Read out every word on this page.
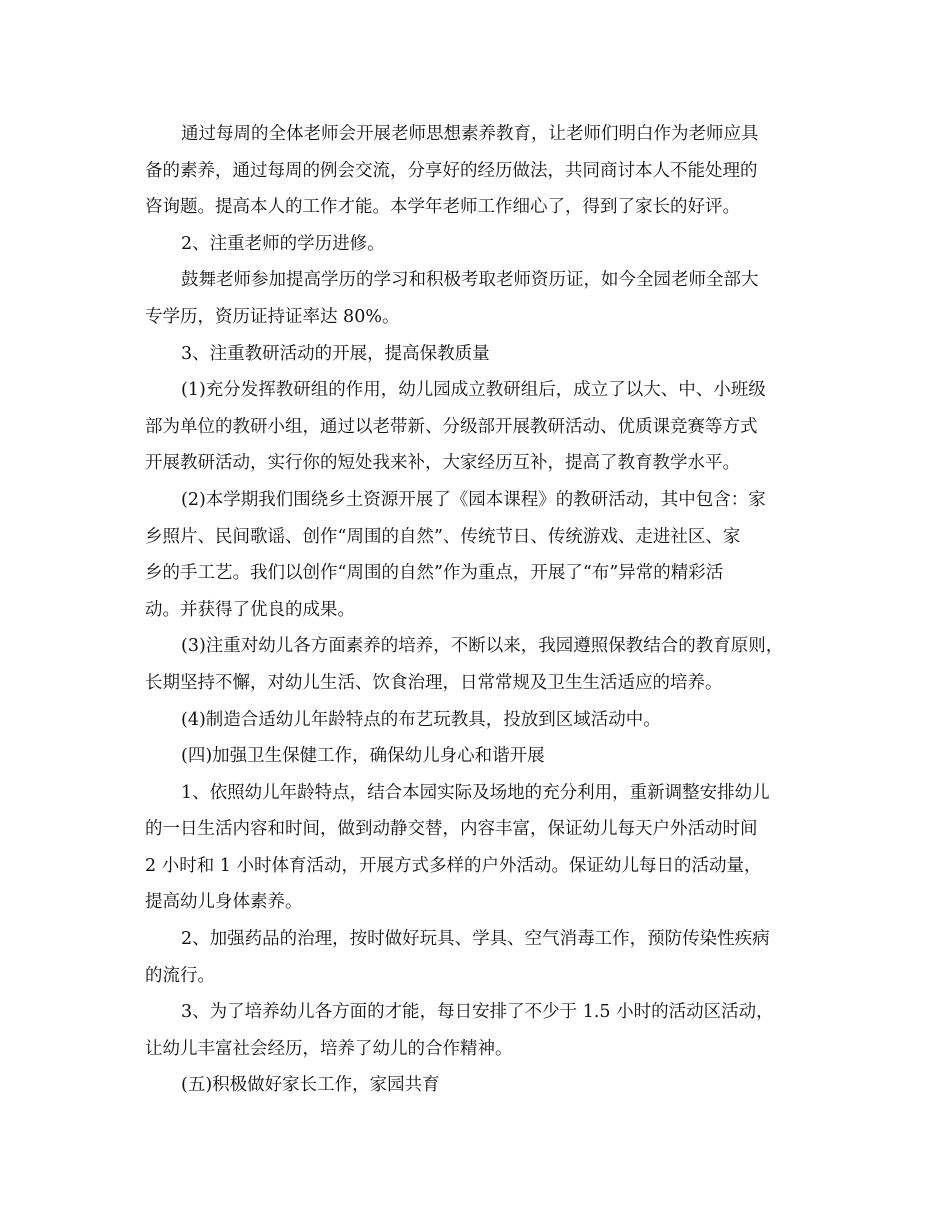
通过每周的全体老师会开展老师思想素养教育，让老师们明白作为老师应具
备的素养，通过每周的例会交流，分享好的经历做法，共同商讨本人不能处理的
咨询题。提高本人的工作才能。本学年老师工作细心了，得到了家长的好评。
2、注重老师的学历进修。
鼓舞老师参加提高学历的学习和积极考取老师资历证，如今全园老师全部大
专学历，资历证持证率达 80%。
3、注重教研活动的开展，提高保教质量
(1)充分发挥教研组的作用，幼儿园成立教研组后，成立了以大、中、小班级
部为单位的教研小组，通过以老带新、分级部开展教研活动、优质课竞赛等方式
开展教研活动，实行你的短处我来补，大家经历互补，提高了教育教学水平。
(2)本学期我们围绕乡土资源开展了《园本课程》的教研活动，其中包含：家
乡照片、民间歌谣、创作“周围的自然”、传统节日、传统游戏、走进社区、家
乡的手工艺。我们以创作“周围的自然”作为重点，开展了“布”异常的精彩活
动。并获得了优良的成果。
(3)注重对幼儿各方面素养的培养，不断以来，我园遵照保教结合的教育原则，
长期坚持不懈，对幼儿生活、饮食治理，日常常规及卫生生活适应的培养。
(4)制造合适幼儿年龄特点的布艺玩教具，投放到区域活动中。
(四)加强卫生保健工作，确保幼儿身心和谐开展
1、依照幼儿年龄特点，结合本园实际及场地的充分利用，重新调整安排幼儿
的一日生活内容和时间，做到动静交替，内容丰富，保证幼儿每天户外活动时间
2 小时和 1 小时体育活动，开展方式多样的户外活动。保证幼儿每日的活动量，
提高幼儿身体素养。
2、加强药品的治理，按时做好玩具、学具、空气消毒工作，预防传染性疾病
的流行。
3、为了培养幼儿各方面的才能，每日安排了不少于 1.5 小时的活动区活动，
让幼儿丰富社会经历，培养了幼儿的合作精神。
(五)积极做好家长工作，家园共育
